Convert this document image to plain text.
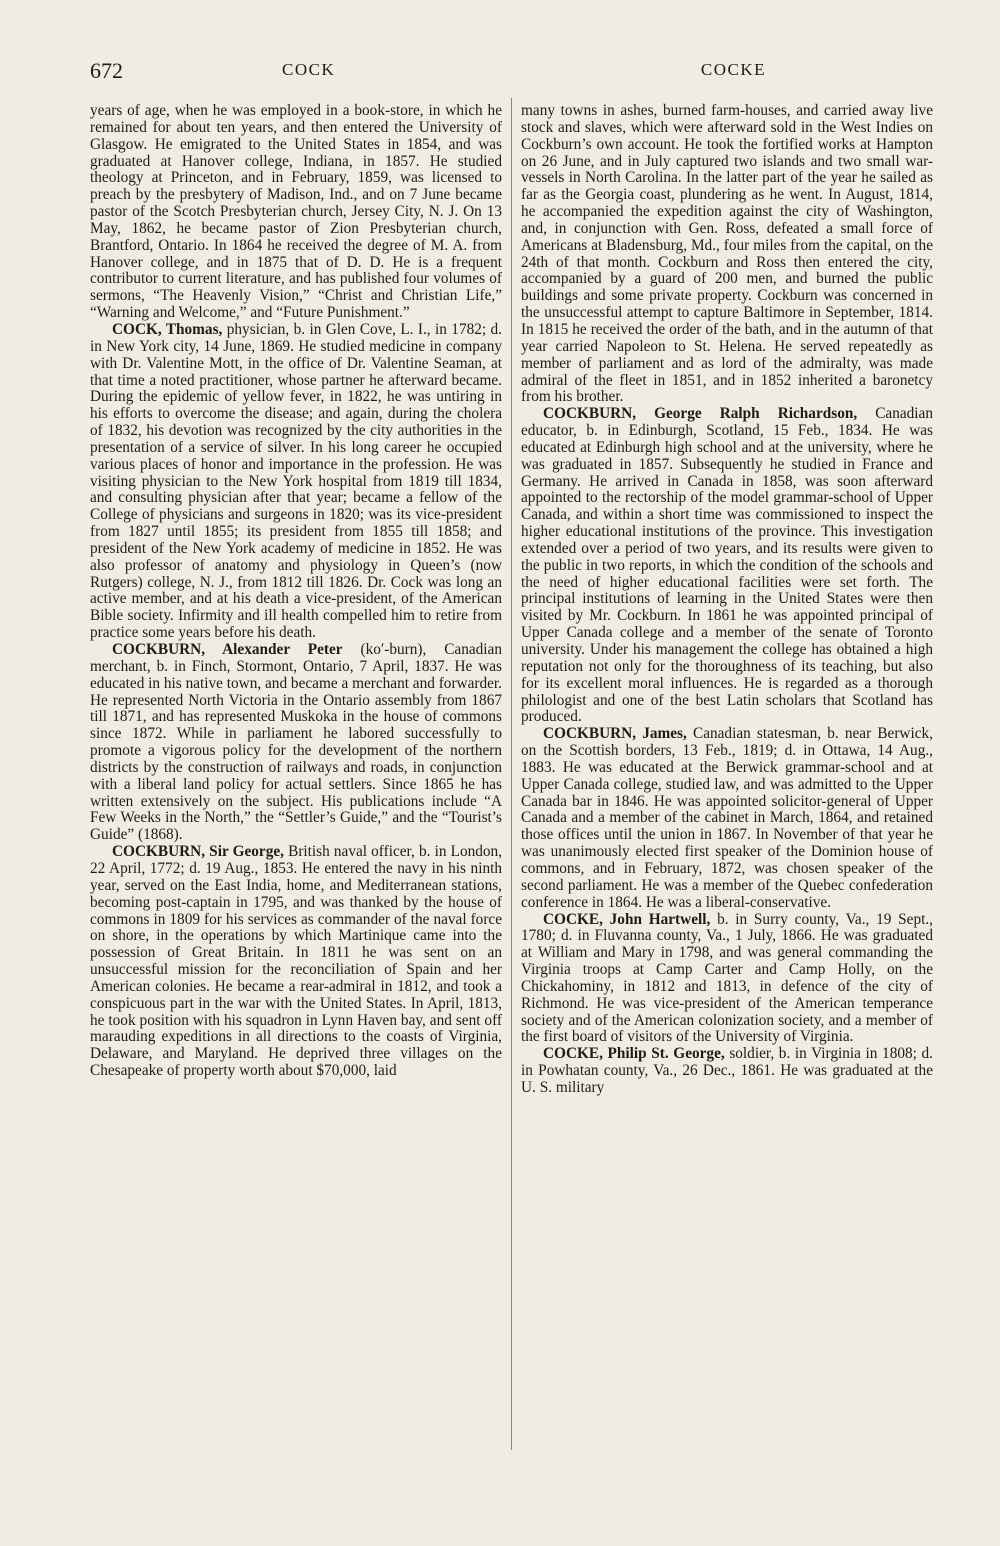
672	COCK	COCKE

years of age, when he was employed in a book-store, in which he remained for about ten years, and then entered the University of Glasgow. He emigrated to the United States in 1854, and was graduated at Hanover college, Indiana, in 1857. He studied theology at Princeton, and in February, 1859, was licensed to preach by the presbytery of Madison, Ind., and on 7 June became pastor of the Scotch Presbyterian church, Jersey City, N. J. On 13 May, 1862, he became pastor of Zion Presbyterian church, Brantford, Ontario. In 1864 he received the degree of M. A. from Hanover college, and in 1875 that of D. D. He is a frequent contributor to current literature, and has published four volumes of sermons, “The Heavenly Vision,” “Christ and Christian Life,” “Warning and Welcome,” and “Future Punishment.”

COCK, Thomas, physician, b. in Glen Cove, L. I., in 1782; d. in New York city, 14 June, 1869. He studied medicine in company with Dr. Valentine Mott, in the office of Dr. Valentine Seaman, at that time a noted practitioner, whose partner he afterward became. During the epidemic of yellow fever, in 1822, he was untiring in his efforts to overcome the disease; and again, during the cholera of 1832, his devotion was recognized by the city authorities in the presentation of a service of silver. In his long career he occupied various places of honor and importance in the profession. He was visiting physician to the New York hospital from 1819 till 1834, and consulting physician after that year; became a fellow of the College of physicians and surgeons in 1820; was its vice-president from 1827 until 1855; its president from 1855 till 1858; and president of the New York academy of medicine in 1852. He was also professor of anatomy and physiology in Queen’s (now Rutgers) college, N. J., from 1812 till 1826. Dr. Cock was long an active member, and at his death a vice-president, of the American Bible society. Infirmity and ill health compelled him to retire from practice some years before his death.

COCKBURN, Alexander Peter (ko′-burn), Canadian merchant, b. in Finch, Stormont, Ontario, 7 April, 1837. He was educated in his native town, and became a merchant and forwarder. He represented North Victoria in the Ontario assembly from 1867 till 1871, and has represented Muskoka in the house of commons since 1872. While in parliament he labored successfully to promote a vigorous policy for the development of the northern districts by the construction of railways and roads, in conjunction with a liberal land policy for actual settlers. Since 1865 he has written extensively on the subject. His publications include “A Few Weeks in the North,” the “Settler’s Guide,” and the “Tourist’s Guide” (1868).

COCKBURN, Sir George, British naval officer, b. in London, 22 April, 1772; d. 19 Aug., 1853. He entered the navy in his ninth year, served on the East India, home, and Mediterranean stations, becoming post-captain in 1795, and was thanked by the house of commons in 1809 for his services as commander of the naval force on shore, in the operations by which Martinique came into the possession of Great Britain. In 1811 he was sent on an unsuccessful mission for the reconciliation of Spain and her American colonies. He became a rear-admiral in 1812, and took a conspicuous part in the war with the United States. In April, 1813, he took position with his squadron in Lynn Haven bay, and sent off marauding expeditions in all directions to the coasts of Virginia, Delaware, and Maryland. He deprived three villages on the Chesapeake of property worth about $70,000, laid

many towns in ashes, burned farm-houses, and carried away live stock and slaves, which were afterward sold in the West Indies on Cockburn’s own account. He took the fortified works at Hampton on 26 June, and in July captured two islands and two small war-vessels in North Carolina. In the latter part of the year he sailed as far as the Georgia coast, plundering as he went. In August, 1814, he accompanied the expedition against the city of Washington, and, in conjunction with Gen. Ross, defeated a small force of Americans at Bladensburg, Md., four miles from the capital, on the 24th of that month. Cockburn and Ross then entered the city, accompanied by a guard of 200 men, and burned the public buildings and some private property. Cockburn was concerned in the unsuccessful attempt to capture Baltimore in September, 1814. In 1815 he received the order of the bath, and in the autumn of that year carried Napoleon to St. Helena. He served repeatedly as member of parliament and as lord of the admiralty, was made admiral of the fleet in 1851, and in 1852 inherited a baronetcy from his brother.

COCKBURN, George Ralph Richardson, Canadian educator, b. in Edinburgh, Scotland, 15 Feb., 1834. He was educated at Edinburgh high school and at the university, where he was graduated in 1857. Subsequently he studied in France and Germany. He arrived in Canada in 1858, was soon afterward appointed to the rectorship of the model grammar-school of Upper Canada, and within a short time was commissioned to inspect the higher educational institutions of the province. This investigation extended over a period of two years, and its results were given to the public in two reports, in which the condition of the schools and the need of higher educational facilities were set forth. The principal institutions of learning in the United States were then visited by Mr. Cockburn. In 1861 he was appointed principal of Upper Canada college and a member of the senate of Toronto university. Under his management the college has obtained a high reputation not only for the thoroughness of its teaching, but also for its excellent moral influences. He is regarded as a thorough philologist and one of the best Latin scholars that Scotland has produced.

COCKBURN, James, Canadian statesman, b. near Berwick, on the Scottish borders, 13 Feb., 1819; d. in Ottawa, 14 Aug., 1883. He was educated at the Berwick grammar-school and at Upper Canada college, studied law, and was admitted to the Upper Canada bar in 1846. He was appointed solicitor-general of Upper Canada and a member of the cabinet in March, 1864, and retained those offices until the union in 1867. In November of that year he was unanimously elected first speaker of the Dominion house of commons, and in February, 1872, was chosen speaker of the second parliament. He was a member of the Quebec confederation conference in 1864. He was a liberal-conservative.

COCKE, John Hartwell, b. in Surry county, Va., 19 Sept., 1780; d. in Fluvanna county, Va., 1 July, 1866. He was graduated at William and Mary in 1798, and was general commanding the Virginia troops at Camp Carter and Camp Holly, on the Chickahominy, in 1812 and 1813, in defence of the city of Richmond. He was vice-president of the American temperance society and of the American colonization society, and a member of the first board of visitors of the University of Virginia.

COCKE, Philip St. George, soldier, b. in Virginia in 1808; d. in Powhatan county, Va., 26 Dec., 1861. He was graduated at the U. S. military
